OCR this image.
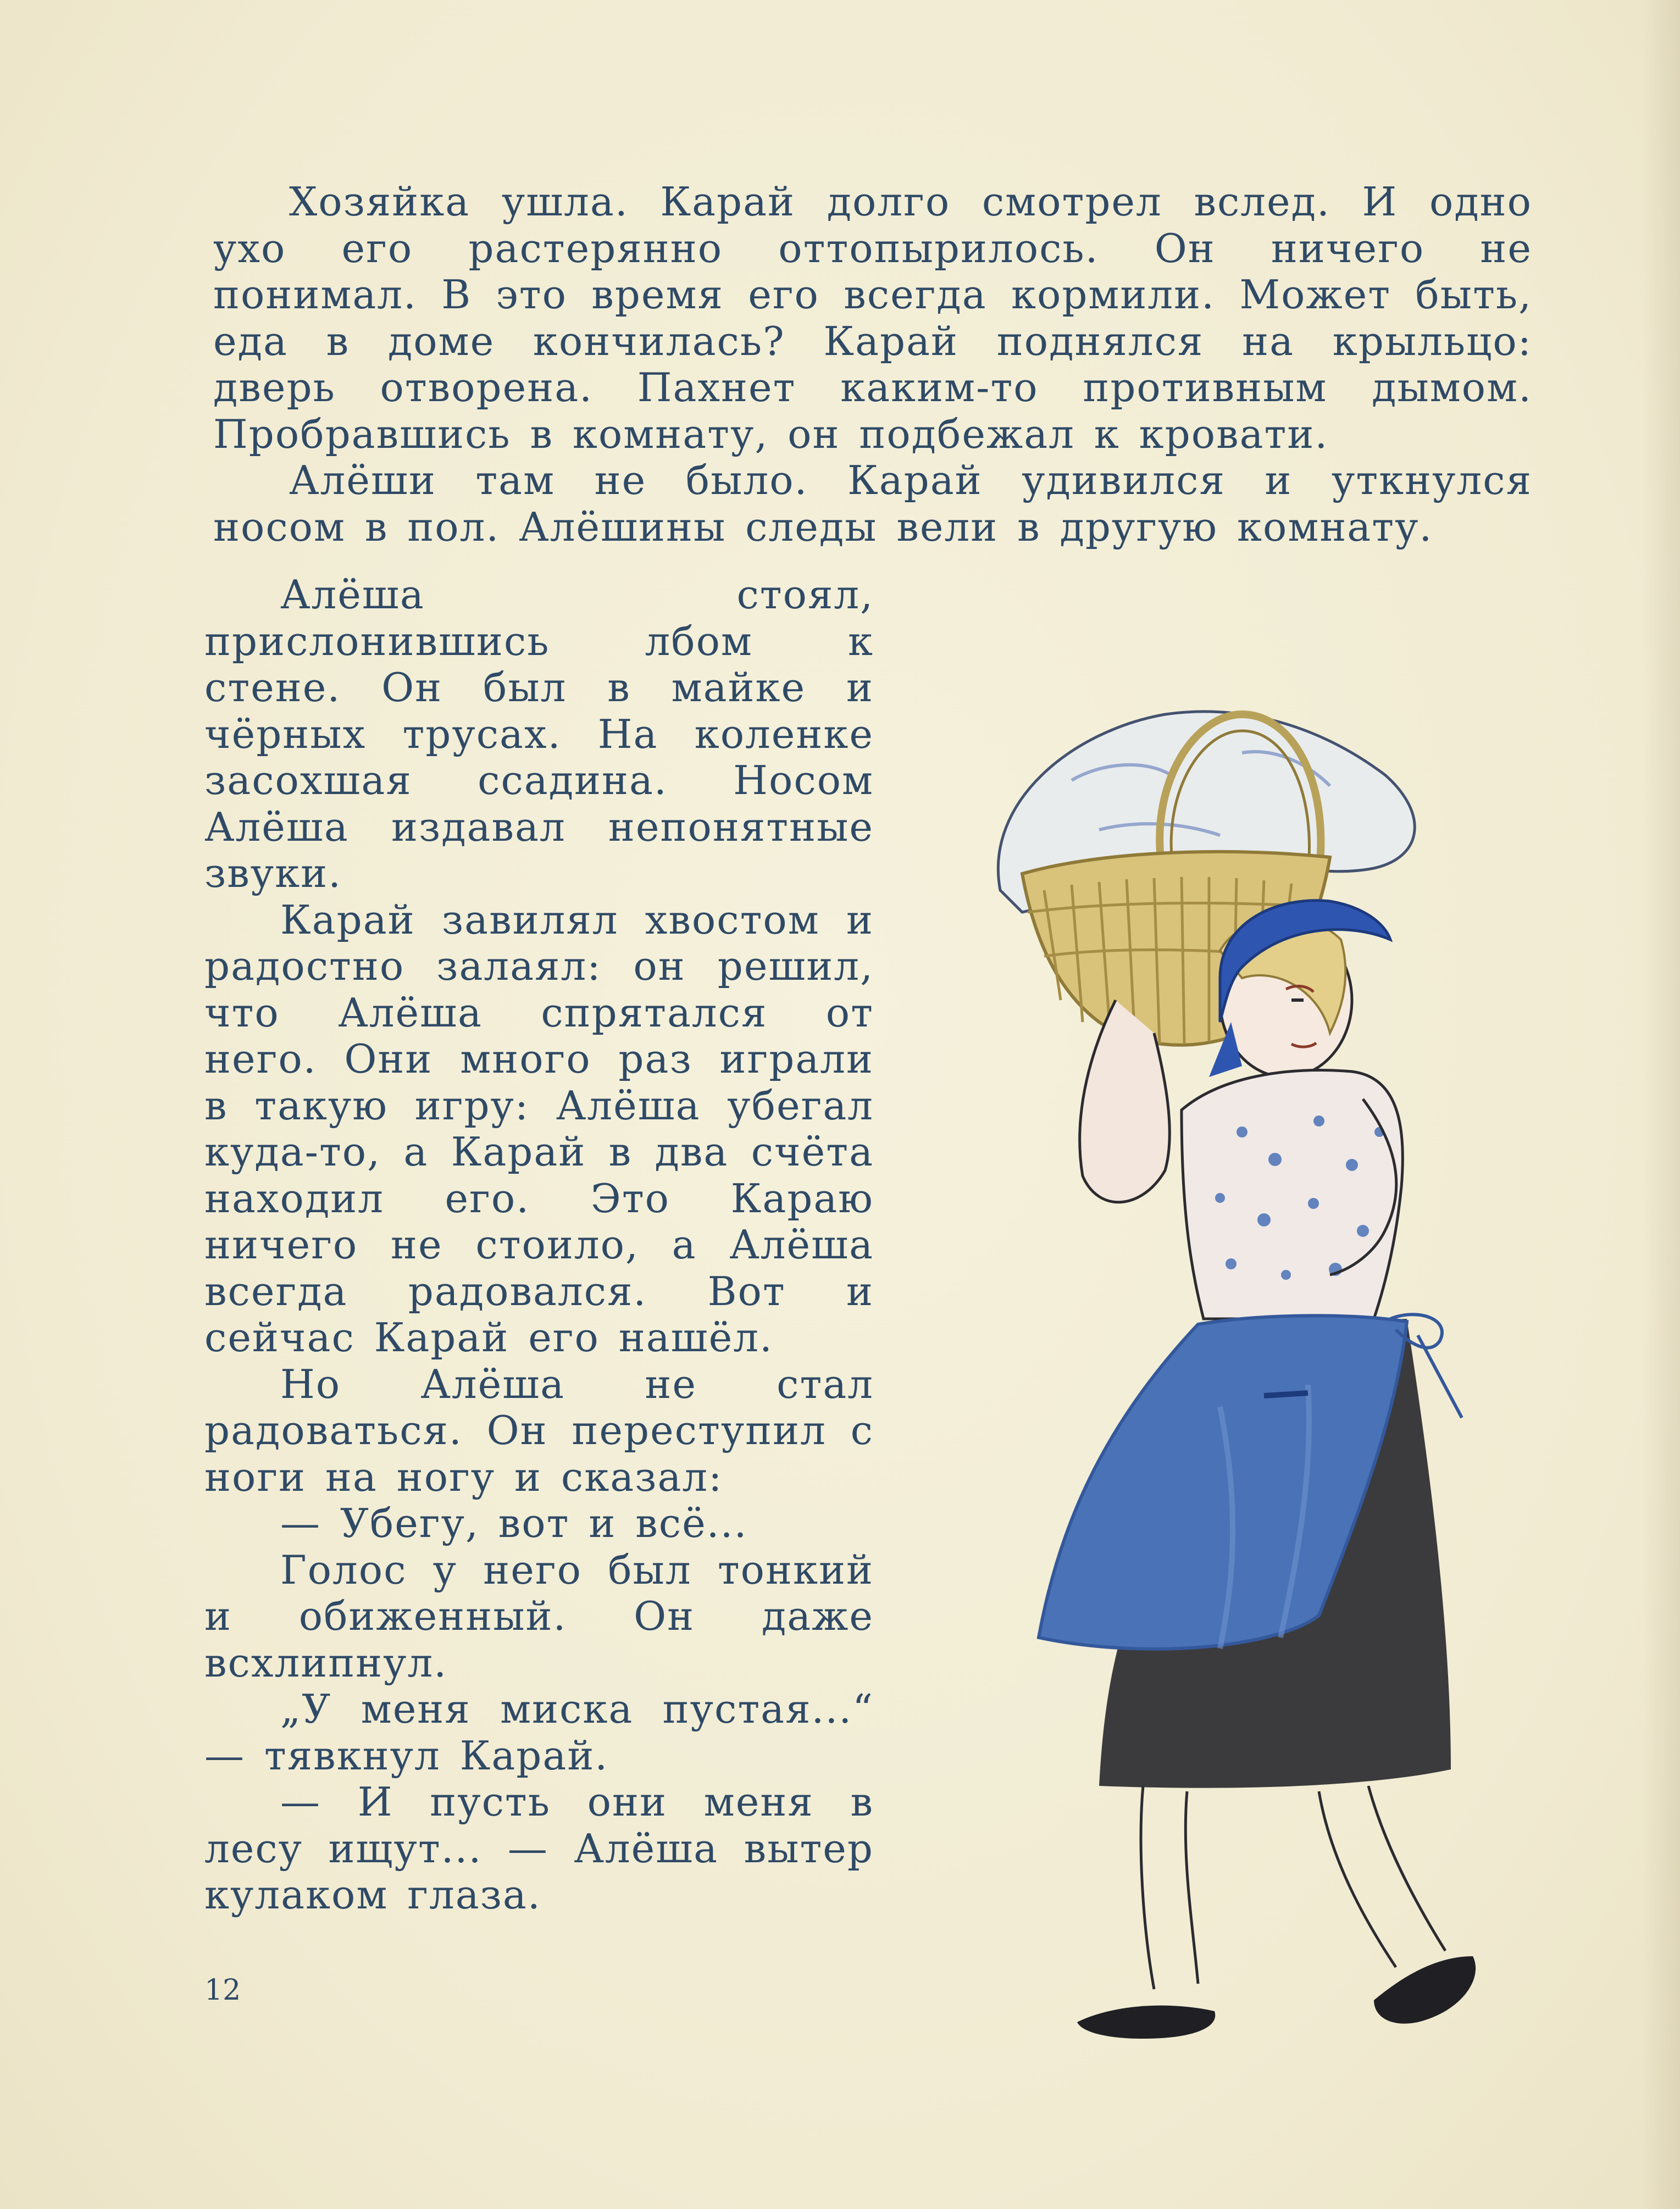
Хозяйка ушла. Карай долго смотрел вслед. И одно ухо его растерянно оттопырилось. Он ничего не понимал. В это время его всегда кормили. Может быть, еда в доме кончилась? Карай поднялся на крыльцо: дверь отворена. Пахнет каким-то противным дымом. Пробравшись в комнату, он подбежал к кровати.

Алёши там не было. Карай удивился и уткнулся носом в пол. Алёшины следы вели в другую комнату.

Алёша стоял, прислонившись лбом к стене. Он был в майке и чёрных трусах. На коленке засохшая ссадина. Носом Алёша издавал непонятные звуки.

Карай завилял хвостом и радостно залаял: он решил, что Алёша спрятался от него. Они много раз играли в такую игру: Алёша убегал куда-то, а Карай в два счёта находил его. Это Караю ничего не стоило, а Алёша всегда радовался. Вот и сейчас Карай его нашёл.

Но Алёша не стал радоваться. Он переступил с ноги на ногу и сказал:

— Убегу, вот и всё...

Голос у него был тонкий и обиженный. Он даже всхлипнул.

„У меня миска пустая...“ — тявкнул Карай.

— И пусть они меня в лесу ищут... — Алёша вытер кулаком глаза.

12
